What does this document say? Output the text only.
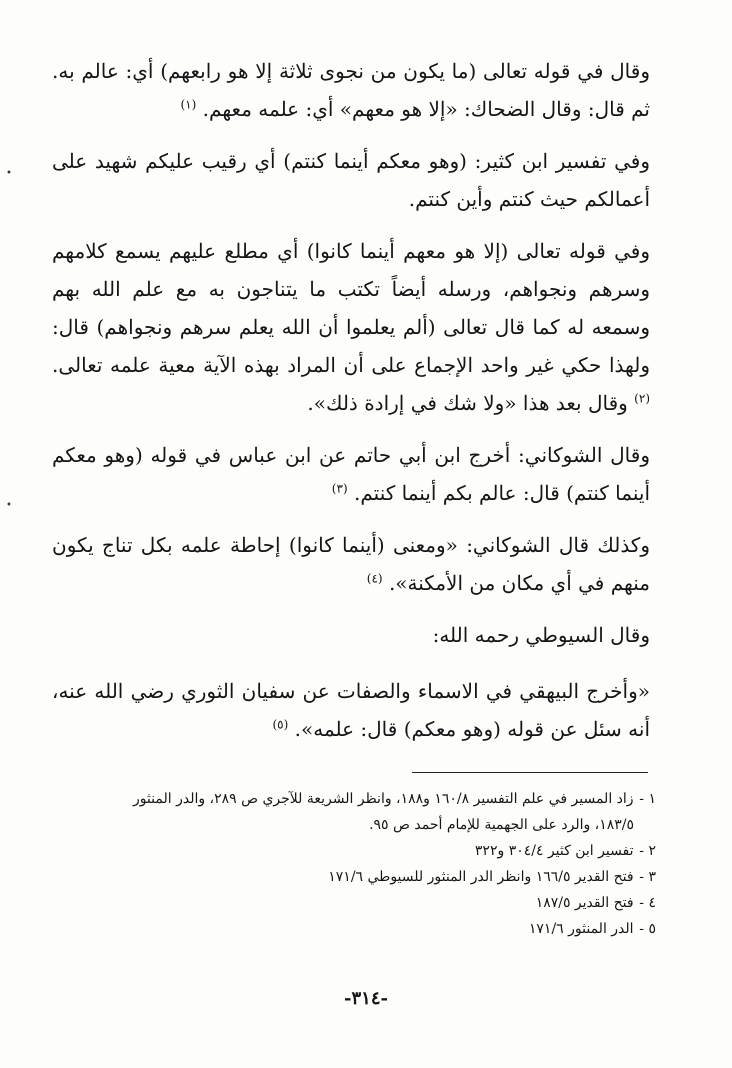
وقال في قوله تعالى (ما يكون من نجوى ثلاثة إلا هو رابعهم) أي: عالم به. ثم قال: وقال الضحاك: «إلا هو معهم» أي: علمه معهم. $^{(١)}$

وفي تفسير ابن كثير: (وهو معكم أينما كنتم) أي رقيب عليكم شهيد على أعمالكم حيث كنتم وأين كنتم.

وفي قوله تعالى (إلا هو معهم أينما كانوا) أي مطلع عليهم يسمع كلامهم وسرهم ونجواهم، ورسله أيضاً تكتب ما يتناجون به مع علم الله بهم وسمعه له كما قال تعالى (ألم يعلموا أن الله يعلم سرهم ونجواهم) قال: ولهذا حكي غير واحد الإجماع على أن المراد بهذه الآية معية علمه تعالى. $^{(٢)}$ وقال بعد هذا «ولا شك في إرادة ذلك».

وقال الشوكاني: أخرج ابن أبي حاتم عن ابن عباس في قوله (وهو معكم أينما كنتم) قال: عالم بكم أينما كنتم. $^{(٣)}$

وكذلك قال الشوكاني: «ومعنى (أينما كانوا) إحاطة علمه بكل تناج يكون منهم في أي مكان من الأمكنة». $^{(٤)}$

وقال السيوطي رحمه الله:

«وأخرج البيهقي في الاسماء والصفات عن سفيان الثوري رضي الله عنه، أنه سئل عن قوله (وهو معكم) قال: علمه». $^{(٥)}$

١ - زاد المسير في علم التفسير ١٦٠/٨ و١٨٨، وانظر الشريعة للآجري ص ٢٨٩، والدر المنثور

١٨٣/٥، والرد على الجهمية للإمام أحمد ص ٩٥.

٢ - تفسير ابن كثير ٣٠٤/٤ و٣٢٢

٣ - فتح القدير ١٦٦/٥ وانظر الدر المنثور للسيوطي ١٧١/٦

٤ - فتح القدير ١٨٧/٥

٥ - الدر المنثور ١٧١/٦

-٣١٤-
•
•
